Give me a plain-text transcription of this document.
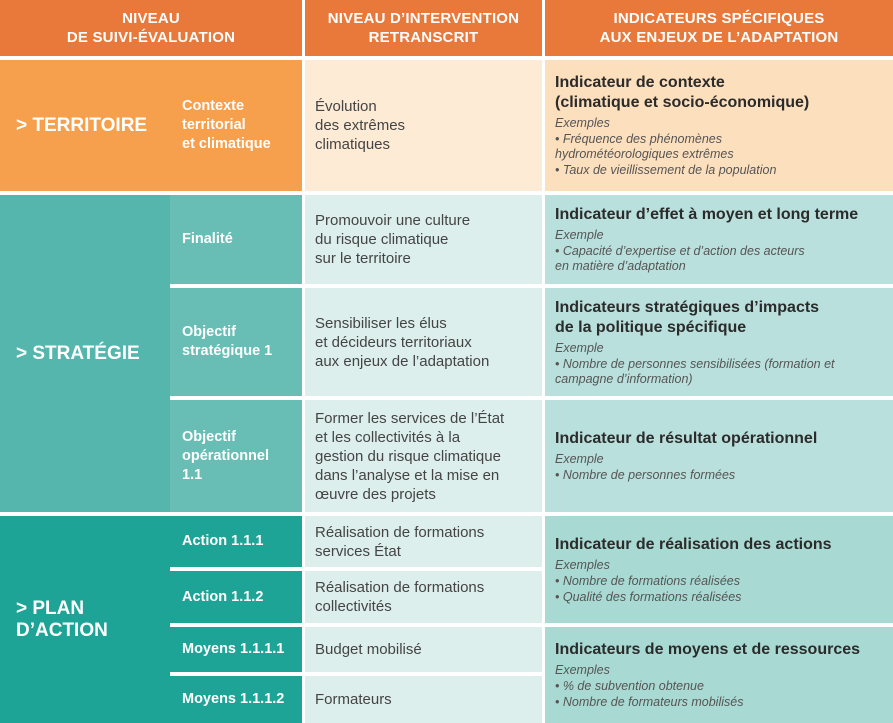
NIVEAU
DE SUIVI-ÉVALUATION
NIVEAU D’INTERVENTION
RETRANSCRIT
INDICATEURS SPÉCIFIQUES
AUX ENJEUX DE L’ADAPTATION
> TERRITOIRE
> STRATÉGIE
> PLAN
D’ACTION
Contexte
territorial
et climatique
Finalité
Objectif
stratégique 1
Objectif
opérationnel
1.1
Action 1.1.1
Action 1.1.2
Moyens 1.1.1.1
Moyens 1.1.1.2
Évolution
des extrêmes
climatiques
Promouvoir une culture
du risque climatique
sur le territoire
Sensibiliser les élus
et décideurs territoriaux
aux enjeux de l’adaptation
Former les services de l’État
et les collectivités à la
gestion du risque climatique
dans l’analyse et la mise en
œuvre des projets
Réalisation de formations
services État
Réalisation de formations
collectivités
Budget mobilisé
Formateurs
Indicateur de contexte
(climatique et socio-économique)
Exemples
• Fréquence des phénomènes
hydrométéorologiques extrêmes
• Taux de vieillissement de la population
Indicateur d’effet à moyen et long terme
Exemple
• Capacité d’expertise et d’action des acteurs
en matière d’adaptation
Indicateurs stratégiques d’impacts
de la politique spécifique
Exemple
• Nombre de personnes sensibilisées (formation et
campagne d’information)
Indicateur de résultat opérationnel
Exemple
• Nombre de personnes formées
Indicateur de réalisation des actions
Exemples
• Nombre de formations réalisées
• Qualité des formations réalisées
Indicateurs de moyens et de ressources
Exemples
• % de subvention obtenue
• Nombre de formateurs mobilisés
